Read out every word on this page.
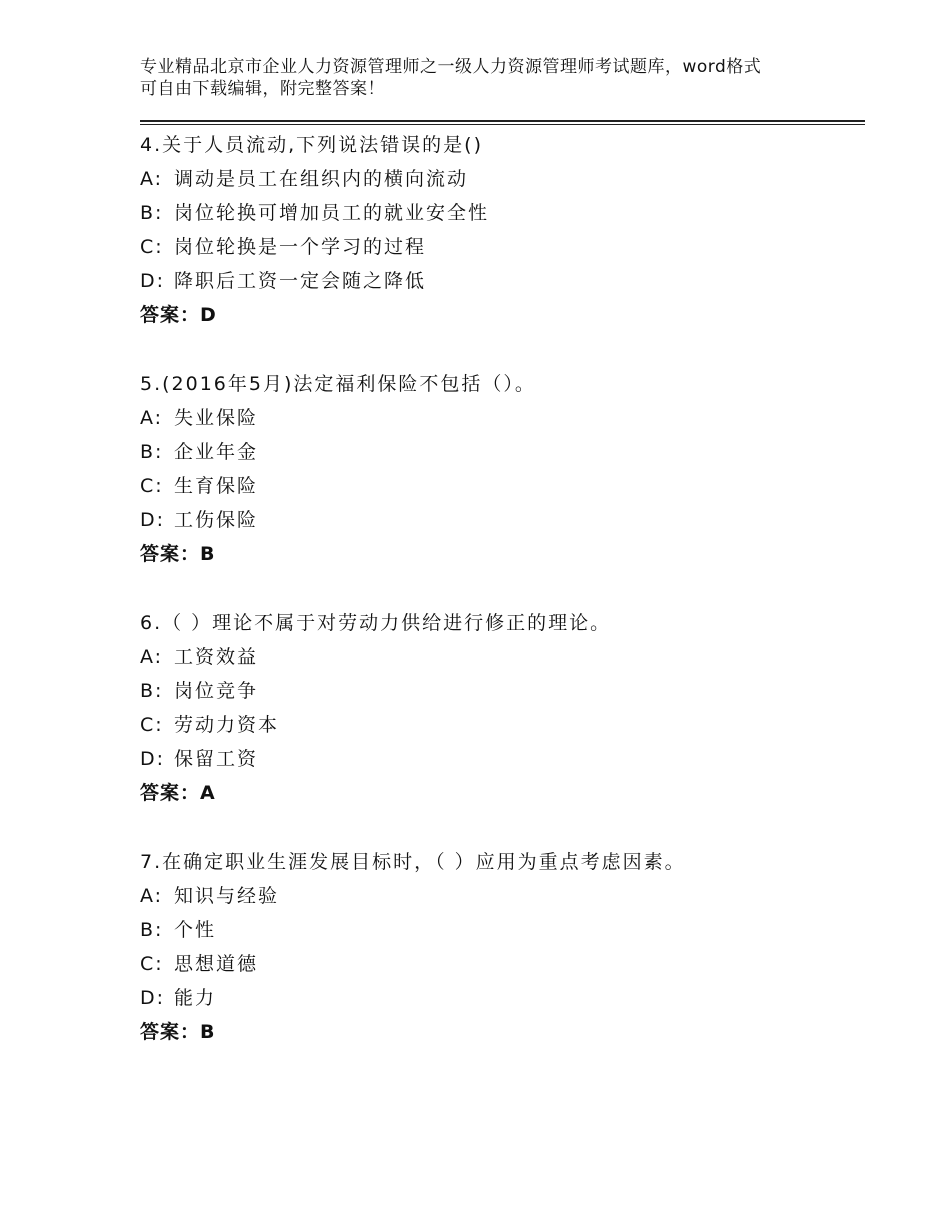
专业精品北京市企业人力资源管理师之一级人力资源管理师考试题库，word格式
可自由下载编辑，附完整答案！
4.关于人员流动,下列说法错误的是()
A: 调动是员工在组织内的横向流动
B: 岗位轮换可增加员工的就业安全性
C: 岗位轮换是一个学习的过程
D: 降职后工资一定会随之降低
答案：D
5.(2016年5月)法定福利保险不包括（）。
A: 失业保险
B: 企业年金
C: 生育保险
D: 工伤保险
答案：B
6.（ ）理论不属于对劳动力供给进行修正的理论。
A: 工资效益
B: 岗位竞争
C: 劳动力资本
D: 保留工资
答案：A
7.在确定职业生涯发展目标时，（ ）应用为重点考虑因素。
A: 知识与经验
B: 个性
C: 思想道德
D: 能力
答案：B
